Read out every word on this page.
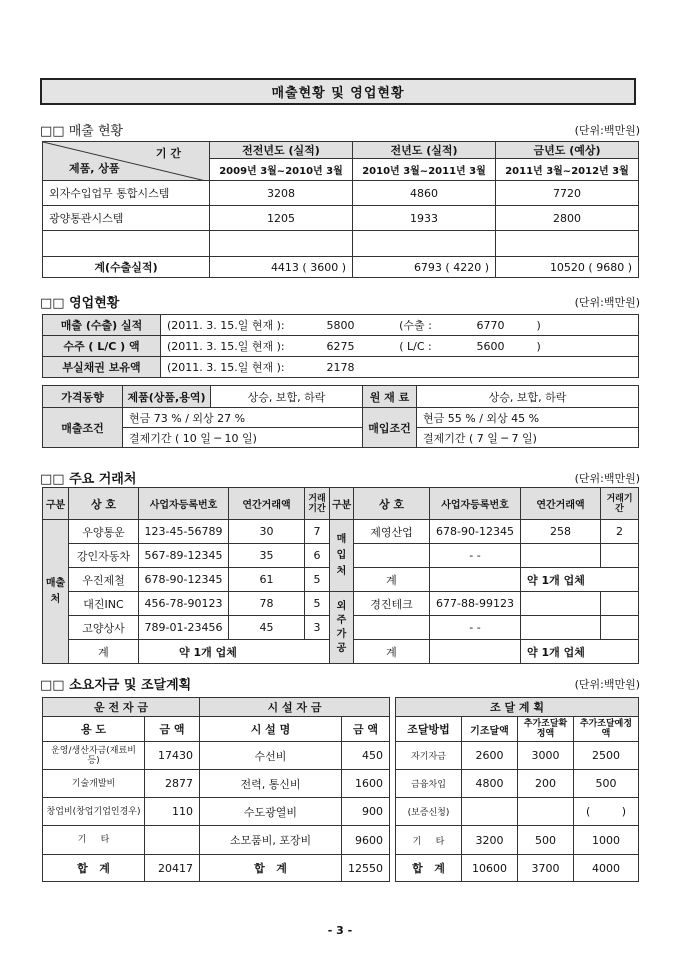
매출현황 및 영업현황
□□ 매출 현황	(단위:백만원)
기 간
제품, 상품	전전년도 (실적)	전년도 (실적)	금년도 (예상)
	2009년 3월~2010년 3월	2010년 3월~2011년 3월	2011년 3월~2012년 3월
외자수입업무 통합시스템	3208	4860	7720
광양통관시스템	1205	1933	2800

계(수출실적)	4413 ( 3600 )	6793 ( 4220 )	10520 ( 9680 )
□□ 영업현황	(단위:백만원)
매출 (수출) 실적	(2011. 3. 15.일 현재 ):	5800	(수출 :	6770	)
수주 ( L/C ) 액	(2011. 3. 15.일 현재 ):	6275	( L/C :	5600	)
부실채권 보유액	(2011. 3. 15.일 현재 ):	2178			
가격동향	제품(상품,용역)	상승, 보합, 하락	원 재 료	상승, 보합, 하락
매출조건	현금 73 % / 외상 27 %		매입조건	현금 55 % / 외상 45 %
	결제기간 ( 10 일 ─ 10 일)			결제기간 ( 7 일 ─ 7 일)
□□ 주요 거래처	(단위:백만원)
구분	상 호	사업자등록번호	연간거래액	거래기간	구분	상 호	사업자등록번호	연간거래액	거래기간
매출처	우양통운	123-45-56789	30	7	매입처	제영산업	678-90-12345	258	2
	강인자동차	567-89-12345	35	6			- -		
	우진제철	678-90-12345	61	5		계		약 1개 업체	
	대진INC	456-78-90123	78	5	외주가공	경진테크	677-88-99123		
	고양상사	789-01-23456	45	3			- -		
	계	약 1개 업체				계		약 1개 업체	
□□ 소요자금 및 조달계획	(단위:백만원)
운 전 자 금		시 설 자 금			조 달 계 획			
용 도	금 액	시 설 명	금 액		조달방법	기조달액	추가조달확정액	추가조달예정액
운영/생산자금(재료비 등)	17430	수선비	450		자기자금	2600	3000	2500
기술개발비	2877	전력, 통신비	1600		금융차입	4800	200	500
창업비(창업기업인경우)	110	수도광열비	900		(보증신청)			(         )
기     타		소모품비, 포장비	9600		기     타	3200	500	1000
합   계	20417	합   계	12550		합   계	10600	3700	4000
- 3 -
